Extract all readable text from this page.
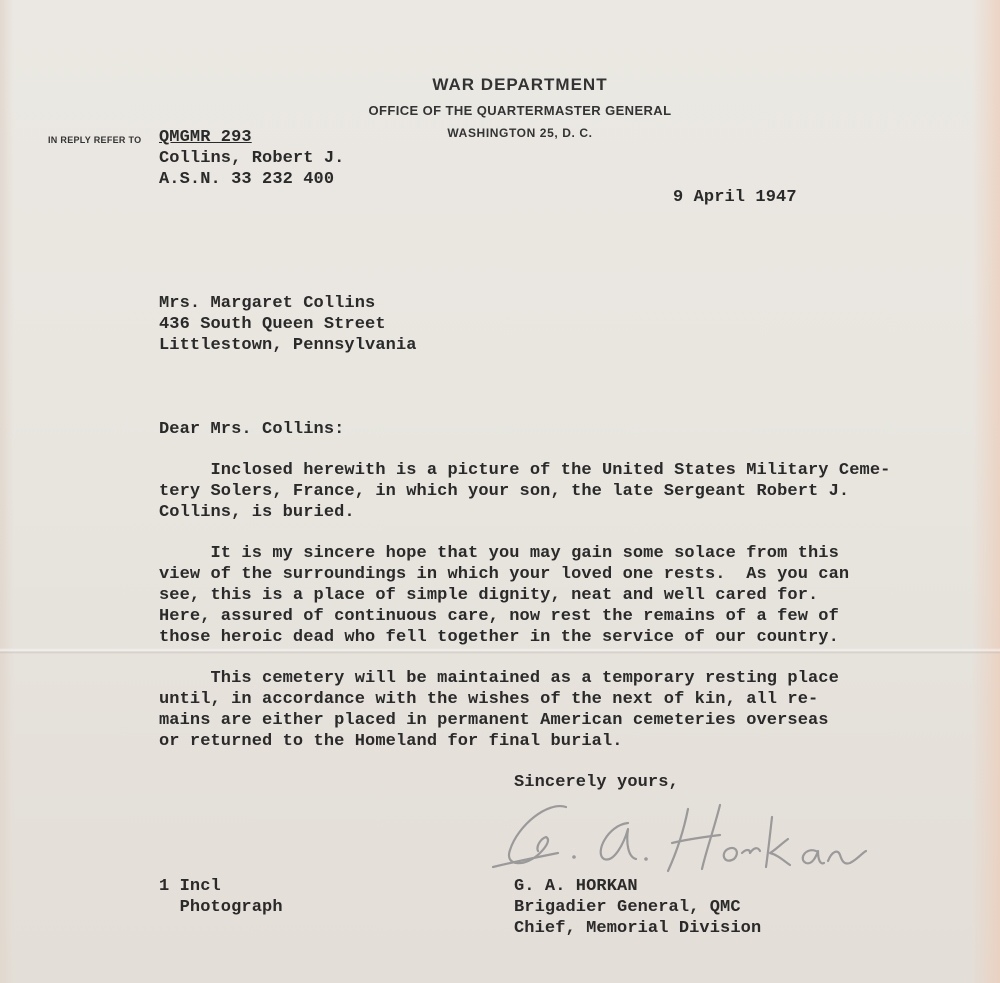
WAR DEPARTMENT
OFFICE OF THE QUARTERMASTER GENERAL
WASHINGTON 25, D. C.
IN REPLY REFER TO QMGMR 293
Collins, Robert J.
A.S.N. 33 232 400
9 April 1947
Mrs. Margaret Collins
436 South Queen Street
Littlestown, Pennsylvania
Dear Mrs. Collins:
Inclosed herewith is a picture of the United States Military Ceme-
tery Solers, France, in which your son, the late Sergeant Robert J.
Collins, is buried.
It is my sincere hope that you may gain some solace from this
view of the surroundings in which your loved one rests.  As you can
see, this is a place of simple dignity, neat and well cared for.
Here, assured of continuous care, now rest the remains of a few of
those heroic dead who fell together in the service of our country.
This cemetery will be maintained as a temporary resting place
until, in accordance with the wishes of the next of kin, all re-
mains are either placed in permanent American cemeteries overseas
or returned to the Homeland for final burial.
Sincerely yours,
G. A. HORKAN
Brigadier General, QMC
Chief, Memorial Division
1 Incl
Photograph
